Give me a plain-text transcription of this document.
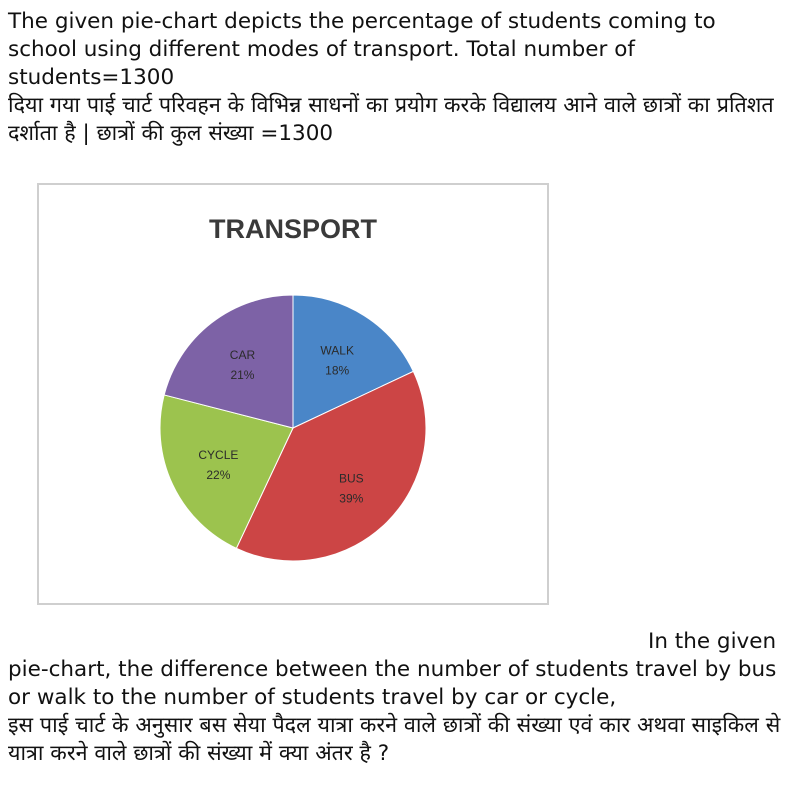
The given pie-chart depicts the percentage of students coming to school using different modes of transport. Total number of students=1300

दिया गया पाई चार्ट परिवहन के विभिन्न साधनों का प्रयोग करके विद्यालय आने वाले छात्रों का प्रतिशत दर्शाता है | छात्रों की कुल संख्या =1300

TRANSPORT
WALK
18%
BUS
39%
CYCLE
22%
CAR
21%

In the given pie-chart, the difference between the number of students travel by bus or walk to the number of students travel by car or cycle,

इस पाई चार्ट के अनुसार बस सेया पैदल यात्रा करने वाले छात्रों की संख्या एवं कार अथवा साइकिल से यात्रा करने वाले छात्रों की संख्या में क्या अंतर है ?
